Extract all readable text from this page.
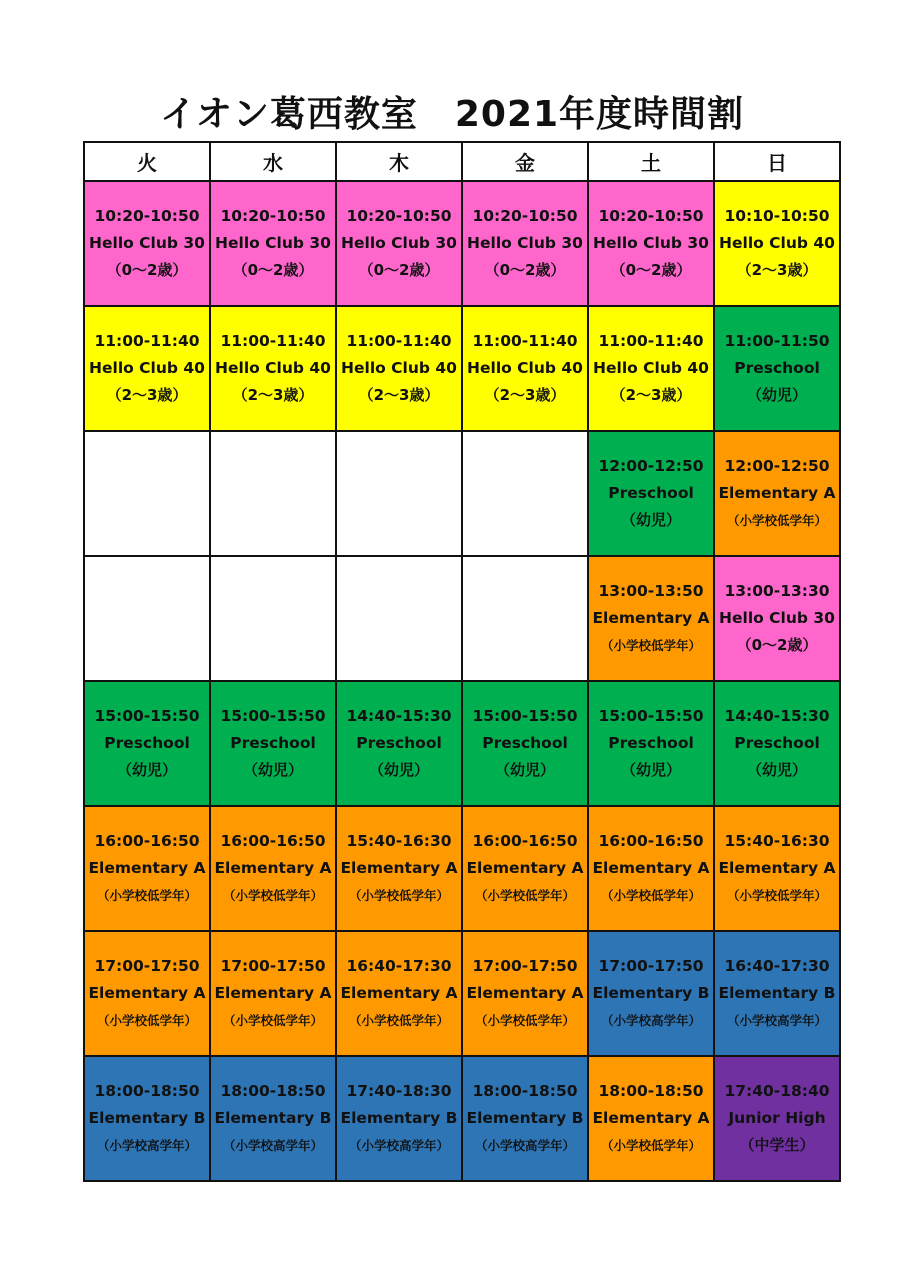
イオン葛西教室　2021年度時間割
火	水	木	金	土	日

10:20-10:50
Hello Club 30
（0～2歳）	10:20-10:50
Hello Club 30
（0～2歳）	10:20-10:50
Hello Club 30
（0～2歳）	10:20-10:50
Hello Club 30
（0～2歳）	10:20-10:50
Hello Club 30
（0～2歳）	10:10-10:50
Hello Club 40
（2～3歳）

11:00-11:40
Hello Club 40
（2～3歳）	11:00-11:40
Hello Club 40
（2～3歳）	11:00-11:40
Hello Club 40
（2～3歳）	11:00-11:40
Hello Club 40
（2～3歳）	11:00-11:40
Hello Club 40
（2～3歳）	11:00-11:50
Preschool
（幼児）

				12:00-12:50
Preschool
（幼児）	12:00-12:50
Elementary A
（小学校低学年）

				13:00-13:50
Elementary A
（小学校低学年）	13:00-13:30
Hello Club 30
（0～2歳）

15:00-15:50
Preschool
（幼児）	15:00-15:50
Preschool
（幼児）	14:40-15:30
Preschool
（幼児）	15:00-15:50
Preschool
（幼児）	15:00-15:50
Preschool
（幼児）	14:40-15:30
Preschool
（幼児）

16:00-16:50
Elementary A
（小学校低学年）	16:00-16:50
Elementary A
（小学校低学年）	15:40-16:30
Elementary A
（小学校低学年）	16:00-16:50
Elementary A
（小学校低学年）	16:00-16:50
Elementary A
（小学校低学年）	15:40-16:30
Elementary A
（小学校低学年）

17:00-17:50
Elementary A
（小学校低学年）	17:00-17:50
Elementary A
（小学校低学年）	16:40-17:30
Elementary A
（小学校低学年）	17:00-17:50
Elementary A
（小学校低学年）	17:00-17:50
Elementary B
（小学校高学年）	16:40-17:30
Elementary B
（小学校高学年）

18:00-18:50
Elementary B
（小学校高学年）	18:00-18:50
Elementary B
（小学校高学年）	17:40-18:30
Elementary B
（小学校高学年）	18:00-18:50
Elementary B
（小学校高学年）	18:00-18:50
Elementary A
（小学校低学年）	17:40-18:40
Junior High
（中学生）
